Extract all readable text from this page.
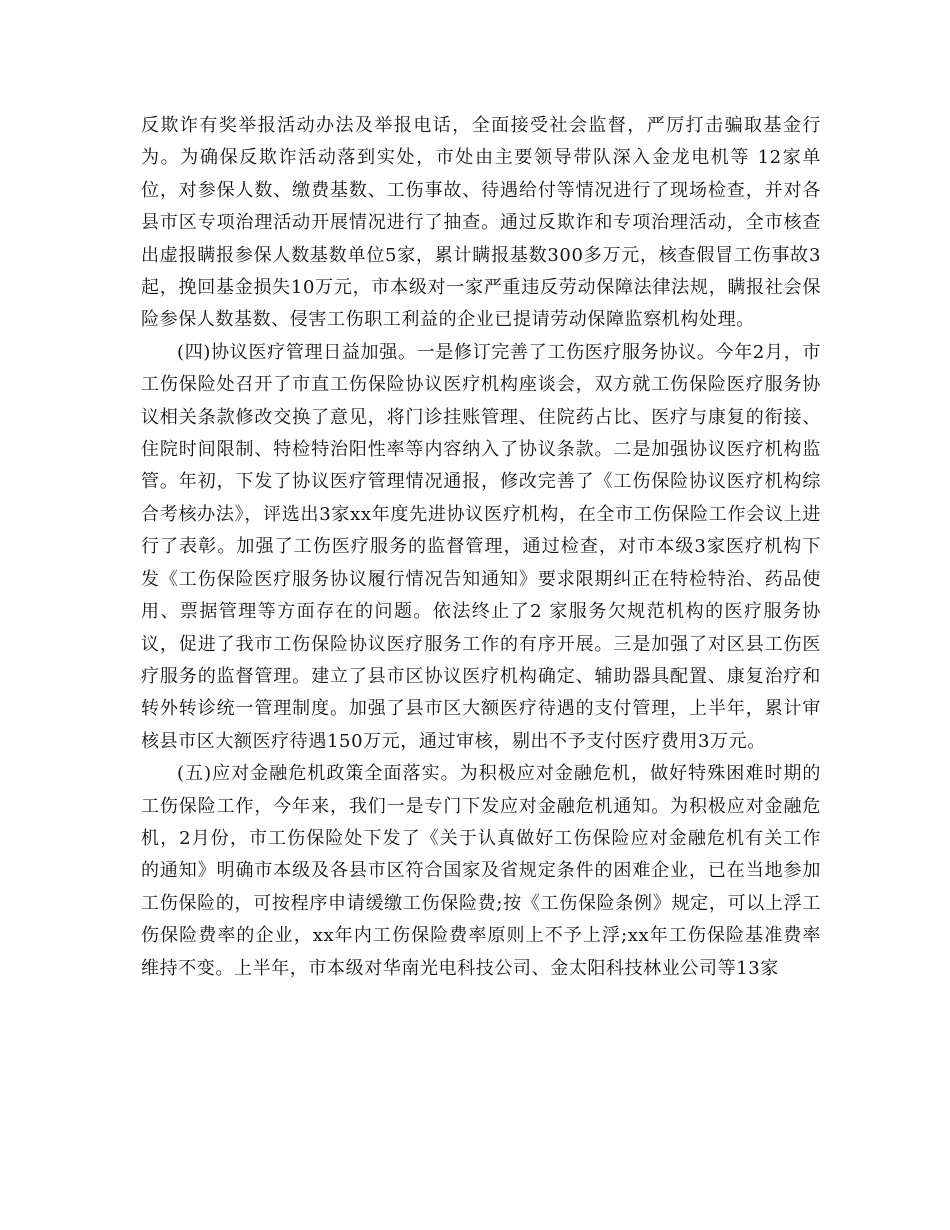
反欺诈有奖举报活动办法及举报电话，全面接受社会监督，严厉打击骗取基金行为。为确保反欺诈活动落到实处，市处由主要领导带队深入金龙电机等 12家单位，对参保人数、缴费基数、工伤事故、待遇给付等情况进行了现场检查，并对各县市区专项治理活动开展情况进行了抽查。通过反欺诈和专项治理活动，全市核查出虚报瞒报参保人数基数单位5家，累计瞒报基数300多万元，核查假冒工伤事故3起，挽回基金损失10万元，市本级对一家严重违反劳动保障法律法规，瞒报社会保险参保人数基数、侵害工伤职工利益的企业已提请劳动保障监察机构处理。

(四)协议医疗管理日益加强。一是修订完善了工伤医疗服务协议。今年2月，市工伤保险处召开了市直工伤保险协议医疗机构座谈会，双方就工伤保险医疗服务协议相关条款修改交换了意见，将门诊挂账管理、住院药占比、医疗与康复的衔接、住院时间限制、特检特治阳性率等内容纳入了协议条款。二是加强协议医疗机构监管。年初，下发了协议医疗管理情况通报，修改完善了《工伤保险协议医疗机构综合考核办法》，评选出3家xx年度先进协议医疗机构，在全市工伤保险工作会议上进行了表彰。加强了工伤医疗服务的监督管理，通过检查，对市本级3家医疗机构下发《工伤保险医疗服务协议履行情况告知通知》要求限期纠正在特检特治、药品使用、票据管理等方面存在的问题。依法终止了2 家服务欠规范机构的医疗服务协议，促进了我市工伤保险协议医疗服务工作的有序开展。三是加强了对区县工伤医疗服务的监督管理。建立了县市区协议医疗机构确定、辅助器具配置、康复治疗和转外转诊统一管理制度。加强了县市区大额医疗待遇的支付管理，上半年，累计审核县市区大额医疗待遇150万元，通过审核，剔出不予支付医疗费用3万元。

(五)应对金融危机政策全面落实。为积极应对金融危机，做好特殊困难时期的工伤保险工作，今年来，我们一是专门下发应对金融危机通知。为积极应对金融危机，2月份，市工伤保险处下发了《关于认真做好工伤保险应对金融危机有关工作的通知》明确市本级及各县市区符合国家及省规定条件的困难企业，已在当地参加工伤保险的，可按程序申请缓缴工伤保险费;按《工伤保险条例》规定，可以上浮工伤保险费率的企业，xx年内工伤保险费率原则上不予上浮;xx年工伤保险基准费率维持不变。上半年，市本级对华南光电科技公司、金太阳科技林业公司等13家
